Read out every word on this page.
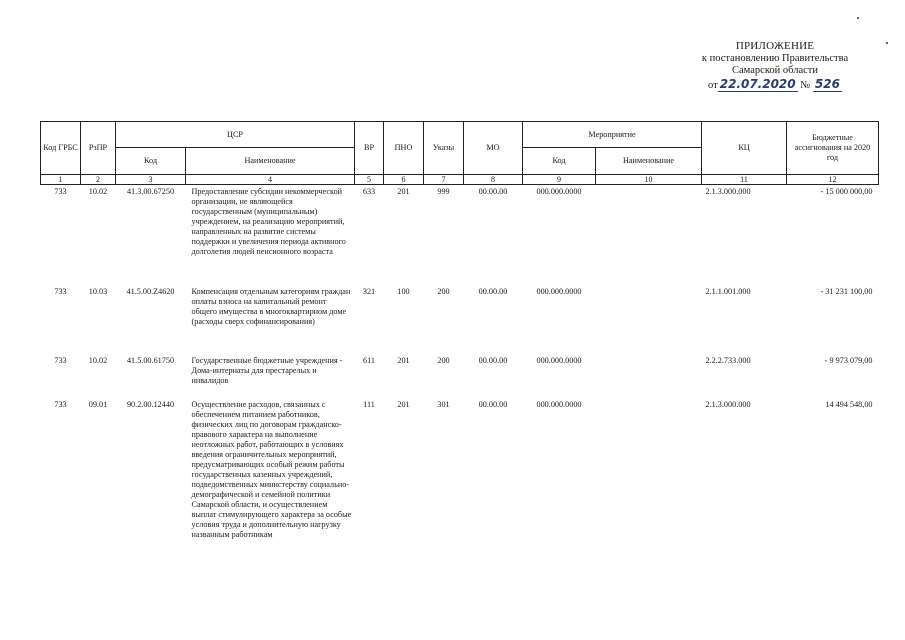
ПРИЛОЖЕНИЕ
к постановлению Правительства
Самарской области
от 22.07.2020 № 526
Код ГРБС	РзПР	ЦСР		ВР	ПНО	Указы	МО	Мероприятие		КЦ	Бюджетные ассигнования на 2020 год
		Код	Наименование					Код	Наименование		
1	2	3	4	5	6	7	8	9	10	11	12
733	10.02	41.3.00.67250	Предоставление субсидии некоммерческой организации, не являющейся государственным (муниципальным) учреждением, на реализацию мероприятий, направленных на развитие системы поддержки и увеличения периода активного долголетия людей пенсионного возраста	633	201	999	00.00.00	000.000.0000		2.1.3.000.000	- 15 000 000,00
733	10.03	41.5.00.Z4620	Компенсация отдельным категориям граждан оплаты взноса на капитальный ремонт общего имущества в многоквартирном доме (расходы сверх софинансирования)	321	100	200	00.00.00	000.000.0000		2.1.1.001.000	- 31 231 100,00
733	10.02	41.5.00.61750	Государственные бюджетные учреждения - Дома-интернаты для престарелых и инвалидов	611	201	200	00.00.00	000.000.0000		2.2.2.733.000	- 9 973 079,00
733	09.01	90.2.00.12440	Осуществление расходов, связанных с обеспечением питанием работников, физических лиц по договорам гражданско-правового характера на выполнение неотложных работ, работающих в условиях введения ограничительных мероприятий, предусматривающих особый режим работы государственных казенных учреждений, подведомственных министерству социально-демографической и семейной политики Самарской области, и осуществлением выплат стимулирующего характера за особые условия труда и дополнительную нагрузку названным работникам	111	201	301	00.00.00	000.000.0000		2.1.3.000.000	14 494 548,00
